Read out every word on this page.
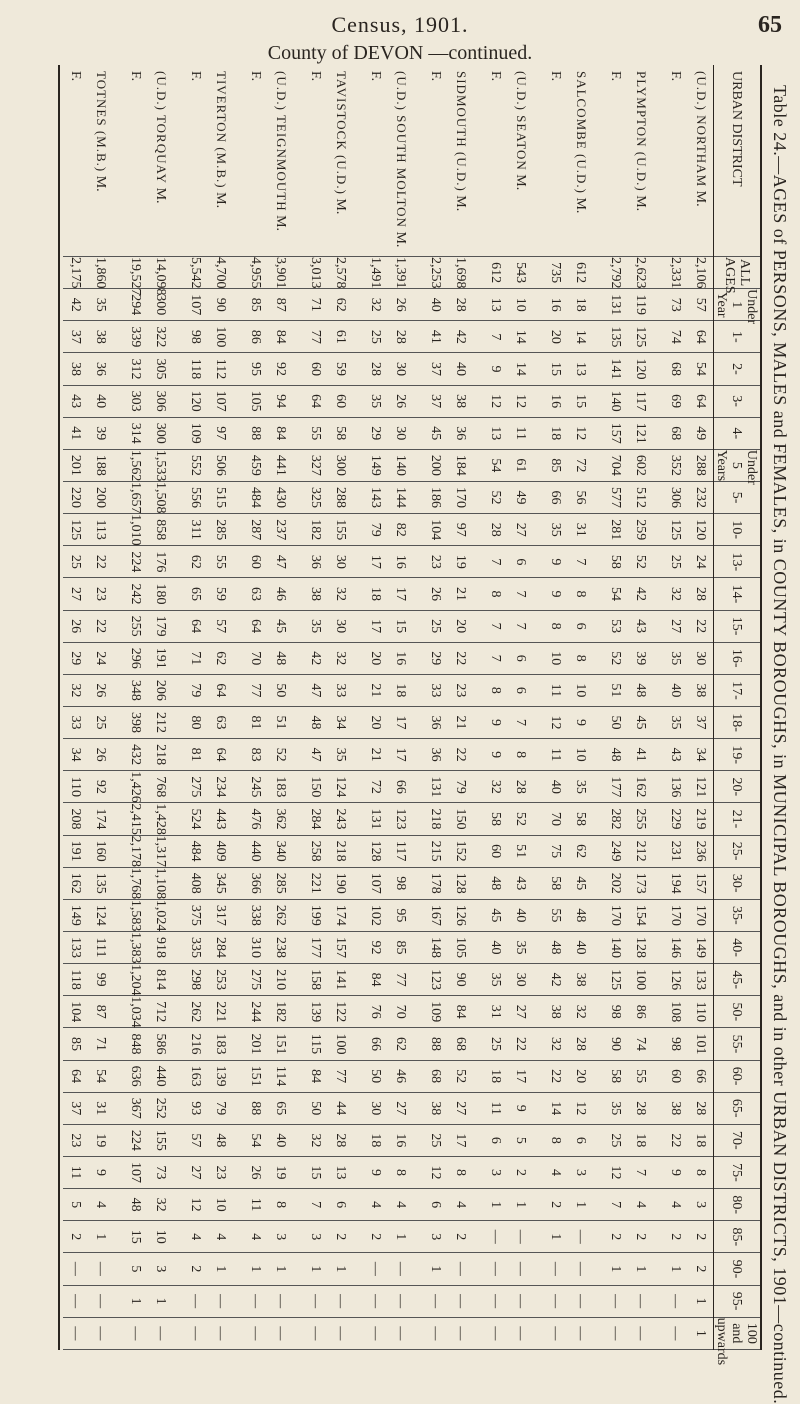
Census, 1901.
County of DEVON —continued.
65
Table 24.—AGES of PERSONS, MALES and FEMALES, in COUNTY BOROUGHS, in MUNICIPAL BOROUGHS, and in other URBAN DISTRICTS, 1901—continued.
URBAN DISTRICT	ALL AGES	Under 1 Year	1-	2-	3-	4-	Under 5 Years	5-	10-	13-	14-	15-	16-	17-	18-	19-	20-	21-	25-	30-	35-	40-	45-	50-	55-	60-	65-	70-	75-	80-	85-	90-	95-	100 and upwards
(U.D.) NORTHAM M.	2,106	57	64	54	64	49	288	232	120	24	28	22	30	38	37	34	121	219	236	157	170	149	133	110	101	66	28	18	8	3	2	2	1	1
F.	2,331	73	74	68	69	68	352	306	125	25	32	27	35	40	35	43	136	229	231	194	170	146	126	108	98	60	38	22	9	4	2	1	—	—

PLYMPTON (U.D.) M.	2,623	119	125	120	117	121	602	512	259	52	42	43	39	48	45	41	162	255	212	173	154	128	100	86	74	55	28	18	7	4	2	1	—	—
F.	2,792	131	135	141	140	157	704	577	281	58	54	53	52	51	50	48	177	282	249	202	170	140	125	98	90	58	35	25	12	7	2	1	—	—

SALCOMBE (U.D.) M.	612	18	14	13	15	12	72	56	31	7	8	6	8	10	9	10	35	58	62	45	48	40	38	32	28	20	12	6	3	1	—	—	—	—
F.	735	16	20	15	16	18	85	66	35	9	9	8	10	11	12	11	40	70	75	58	55	48	42	38	32	22	14	8	4	2	1	—	—	—

(U.D.) SEATON M.	543	10	14	14	12	11	61	49	27	6	7	7	6	6	7	8	28	52	51	43	40	35	30	27	22	17	9	5	2	1	—	—	—	—
F.	612	13	7	9	12	13	54	52	28	7	8	7	7	8	9	9	32	58	60	48	45	40	35	31	25	18	11	6	3	1	—	—	—	—

SIDMOUTH (U.D.) M.	1,698	28	42	40	38	36	184	170	97	19	21	20	22	23	21	22	79	150	152	128	126	105	90	84	68	52	27	17	8	4	2	—	—	—
F.	2,253	40	41	37	37	45	200	186	104	23	26	25	29	33	36	36	131	218	215	178	167	148	123	109	88	68	38	25	12	6	3	1	—	—

(U.D.) SOUTH MOLTON M.	1,391	26	28	30	26	30	140	144	82	16	17	15	16	18	17	17	66	123	117	98	95	85	77	70	62	46	27	16	8	4	1	—	—	—
F.	1,491	32	25	28	35	29	149	143	79	17	18	17	20	21	20	21	72	131	128	107	102	92	84	76	66	50	30	18	9	4	2	—	—	—

TAVISTOCK (U.D.) M.	2,578	62	61	59	60	58	300	288	155	30	32	30	32	33	34	35	124	243	218	190	174	157	141	122	100	77	44	28	13	6	2	1	—	—
F.	3,013	71	77	60	64	55	327	325	182	36	38	35	42	47	48	47	150	284	258	221	199	177	158	139	115	84	50	32	15	7	3	1	—	—

(U.D.) TEIGNMOUTH M.	3,901	87	84	92	94	84	441	430	237	47	46	45	48	50	51	52	183	362	340	285	262	238	210	182	151	114	65	40	19	8	3	1	—	—
F.	4,955	85	86	95	105	88	459	484	287	60	63	64	70	77	81	83	245	476	440	366	338	310	275	244	201	151	88	54	26	11	4	1	—	—

TIVERTON (M.B.) M.	4,700	90	100	112	107	97	506	515	285	55	59	57	62	64	63	64	234	443	409	345	317	284	253	221	183	139	79	48	23	10	4	1	—	—
F.	5,542	107	98	118	120	109	552	556	311	62	65	64	71	79	80	81	275	524	484	408	375	335	298	262	216	163	93	57	27	12	4	2	—	—

(U.D.) TORQUAY M.	14,098	300	322	305	306	300	1,533	1,508	858	176	180	179	191	206	212	218	768	1,428	1,317	1,108	1,024	918	814	712	586	440	252	155	73	32	10	3	1	—
F.	19,527	294	339	312	303	314	1,562	1,657	1,010	224	242	255	296	348	398	432	1,426	2,415	2,178	1,768	1,583	1,383	1,204	1,034	848	636	367	224	107	48	15	5	1	—

TOTNES (M.B.) M.	1,860	35	38	36	40	39	188	200	113	22	23	22	24	26	25	26	92	174	160	135	124	111	99	87	71	54	31	19	9	4	1	—	—	—
F.	2,175	42	37	38	43	41	201	220	125	25	27	26	29	32	33	34	110	208	191	162	149	133	118	104	85	64	37	23	11	5	2	—	—	—
